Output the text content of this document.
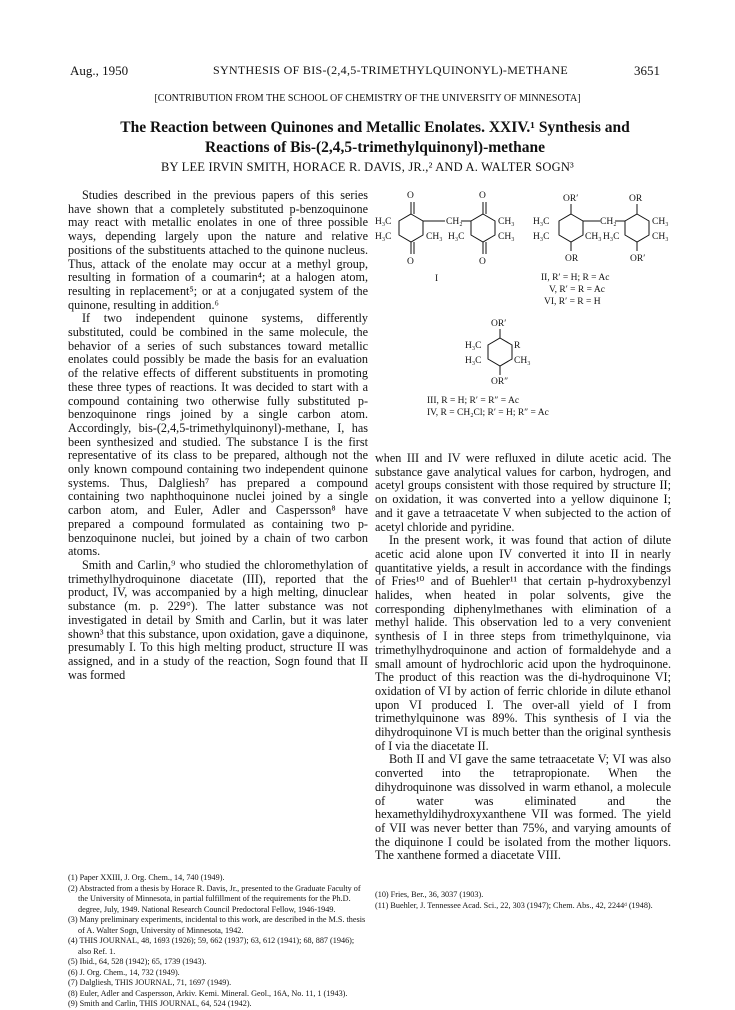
Aug., 1950	SYNTHESIS OF BIS-(2,4,5-TRIMETHYLQUINONYL)-METHANE	3651
[CONTRIBUTION FROM THE SCHOOL OF CHEMISTRY OF THE UNIVERSITY OF MINNESOTA]
The Reaction between Quinones and Metallic Enolates. XXIV.¹ Synthesis and
Reactions of Bis-(2,4,5-trimethylquinonyl)-methane
BY LEE IRVIN SMITH, HORACE R. DAVIS, JR.,² AND A. WALTER SOGN³

Studies described in the previous papers of this series have shown that a completely substituted p-benzoquinone may react with metallic enolates in one of three possible ways, depending largely upon the nature and relative positions of the substituents attached to the quinone nucleus. Thus, attack of the enolate may occur at a methyl group, resulting in formation of a coumarin⁴; at a halogen atom, resulting in replacement⁵; or at a conjugated system of the quinone, resulting in addition.⁶

If two independent quinone systems, differently substituted, could be combined in the same molecule, the behavior of a series of such substances toward metallic enolates could possibly be made the basis for an evaluation of the relative effects of different substituents in promoting these three types of reactions. It was decided to start with a compound containing two otherwise fully substituted p-benzoquinone rings joined by a single carbon atom. Accordingly, bis-(2,4,5-trimethylquinonyl)-methane, I, has been synthesized and studied. The substance I is the first representative of its class to be prepared, although not the only known compound containing two independent quinone systems. Thus, Dalgliesh⁷ has prepared a compound containing two naphthoquinone nuclei joined by a single carbon atom, and Euler, Adler and Caspersson⁸ have prepared a compound formulated as containing two p-benzoquinone nuclei, but joined by a chain of two carbon atoms.

Smith and Carlin,⁹ who studied the chloromethylation of trimethylhydroquinone diacetate (III), reported that the product, IV, was accompanied by a high melting, dinuclear substance (m. p. 229°). The latter substance was not investigated in detail by Smith and Carlin, but it was later shown³ that this substance, upon oxidation, gave a diquinone, presumably I. To this high melting product, structure II was assigned, and in a study of the reaction, Sogn found that II was formed

O	O
O	O
H₃C
H₃C	CH₃
CH₂
H₃C
CH₃
CH₃
I
OR′	OR
H₃C
H₃C	CH₃
CH₂
H₃C
CH₃
CH₃
OR	OR′
II, R′ = H; R = Ac
V, R′ = R = Ac
VI, R′ = R = H
OR′
H₃C	R
H₃C	CH₃
OR″
III, R = H; R′ = R″ = Ac
IV, R = CH₂Cl; R′ = H; R″ = Ac

when III and IV were refluxed in dilute acetic acid. The substance gave analytical values for carbon, hydrogen, and acetyl groups consistent with those required by structure II; on oxidation, it was converted into a yellow diquinone I; and it gave a tetraacetate V when subjected to the action of acetyl chloride and pyridine.

In the present work, it was found that action of dilute acetic acid alone upon IV converted it into II in nearly quantitative yields, a result in accordance with the findings of Fries¹⁰ and of Buehler¹¹ that certain p-hydroxybenzyl halides, when heated in polar solvents, give the corresponding diphenylmethanes with elimination of a methyl halide. This observation led to a very convenient synthesis of I in three steps from trimethylquinone, via trimethylhydroquinone and action of formaldehyde and a small amount of hydrochloric acid upon the hydroquinone. The product of this reaction was the di-hydroquinone VI; oxidation of VI by action of ferric chloride in dilute ethanol upon VI produced I. The over-all yield of I from trimethylquinone was 89%. This synthesis of I via the dihydroquinone VI is much better than the original synthesis of I via the diacetate II.

Both II and VI gave the same tetraacetate V; VI was also converted into the tetrapropionate. When the dihydroquinone was dissolved in warm ethanol, a molecule of water was eliminated and the hexamethyldihydroxyxanthene VII was formed. The yield of VII was never better than 75%, and varying amounts of the diquinone I could be isolated from the mother liquors. The xanthene formed a diacetate VIII.

(1) Paper XXIII, J. Org. Chem., 14, 740 (1949).
(2) Abstracted from a thesis by Horace R. Davis, Jr., presented to the Graduate Faculty of the University of Minnesota, in partial fulfillment of the requirements for the Ph.D. degree, July, 1949. National Research Council Predoctoral Fellow, 1946-1949.
(3) Many preliminary experiments, incidental to this work, are described in the M.S. thesis of A. Walter Sogn, University of Minnesota, 1942.
(4) THIS JOURNAL, 48, 1693 (1926); 59, 662 (1937); 63, 612 (1941); 68, 887 (1946); also Ref. 1.
(5) Ibid., 64, 528 (1942); 65, 1739 (1943).
(6) J. Org. Chem., 14, 732 (1949).
(7) Dalgliesh, THIS JOURNAL, 71, 1697 (1949).
(8) Euler, Adler and Caspersson, Arkiv. Kemi. Mineral. Geol., 16A, No. 11, 1 (1943).
(9) Smith and Carlin, THIS JOURNAL, 64, 524 (1942).
(10) Fries, Ber., 36, 3037 (1903).
(11) Buehler, J. Tennessee Acad. Sci., 22, 303 (1947); Chem. Abs., 42, 2244ᵈ (1948).
